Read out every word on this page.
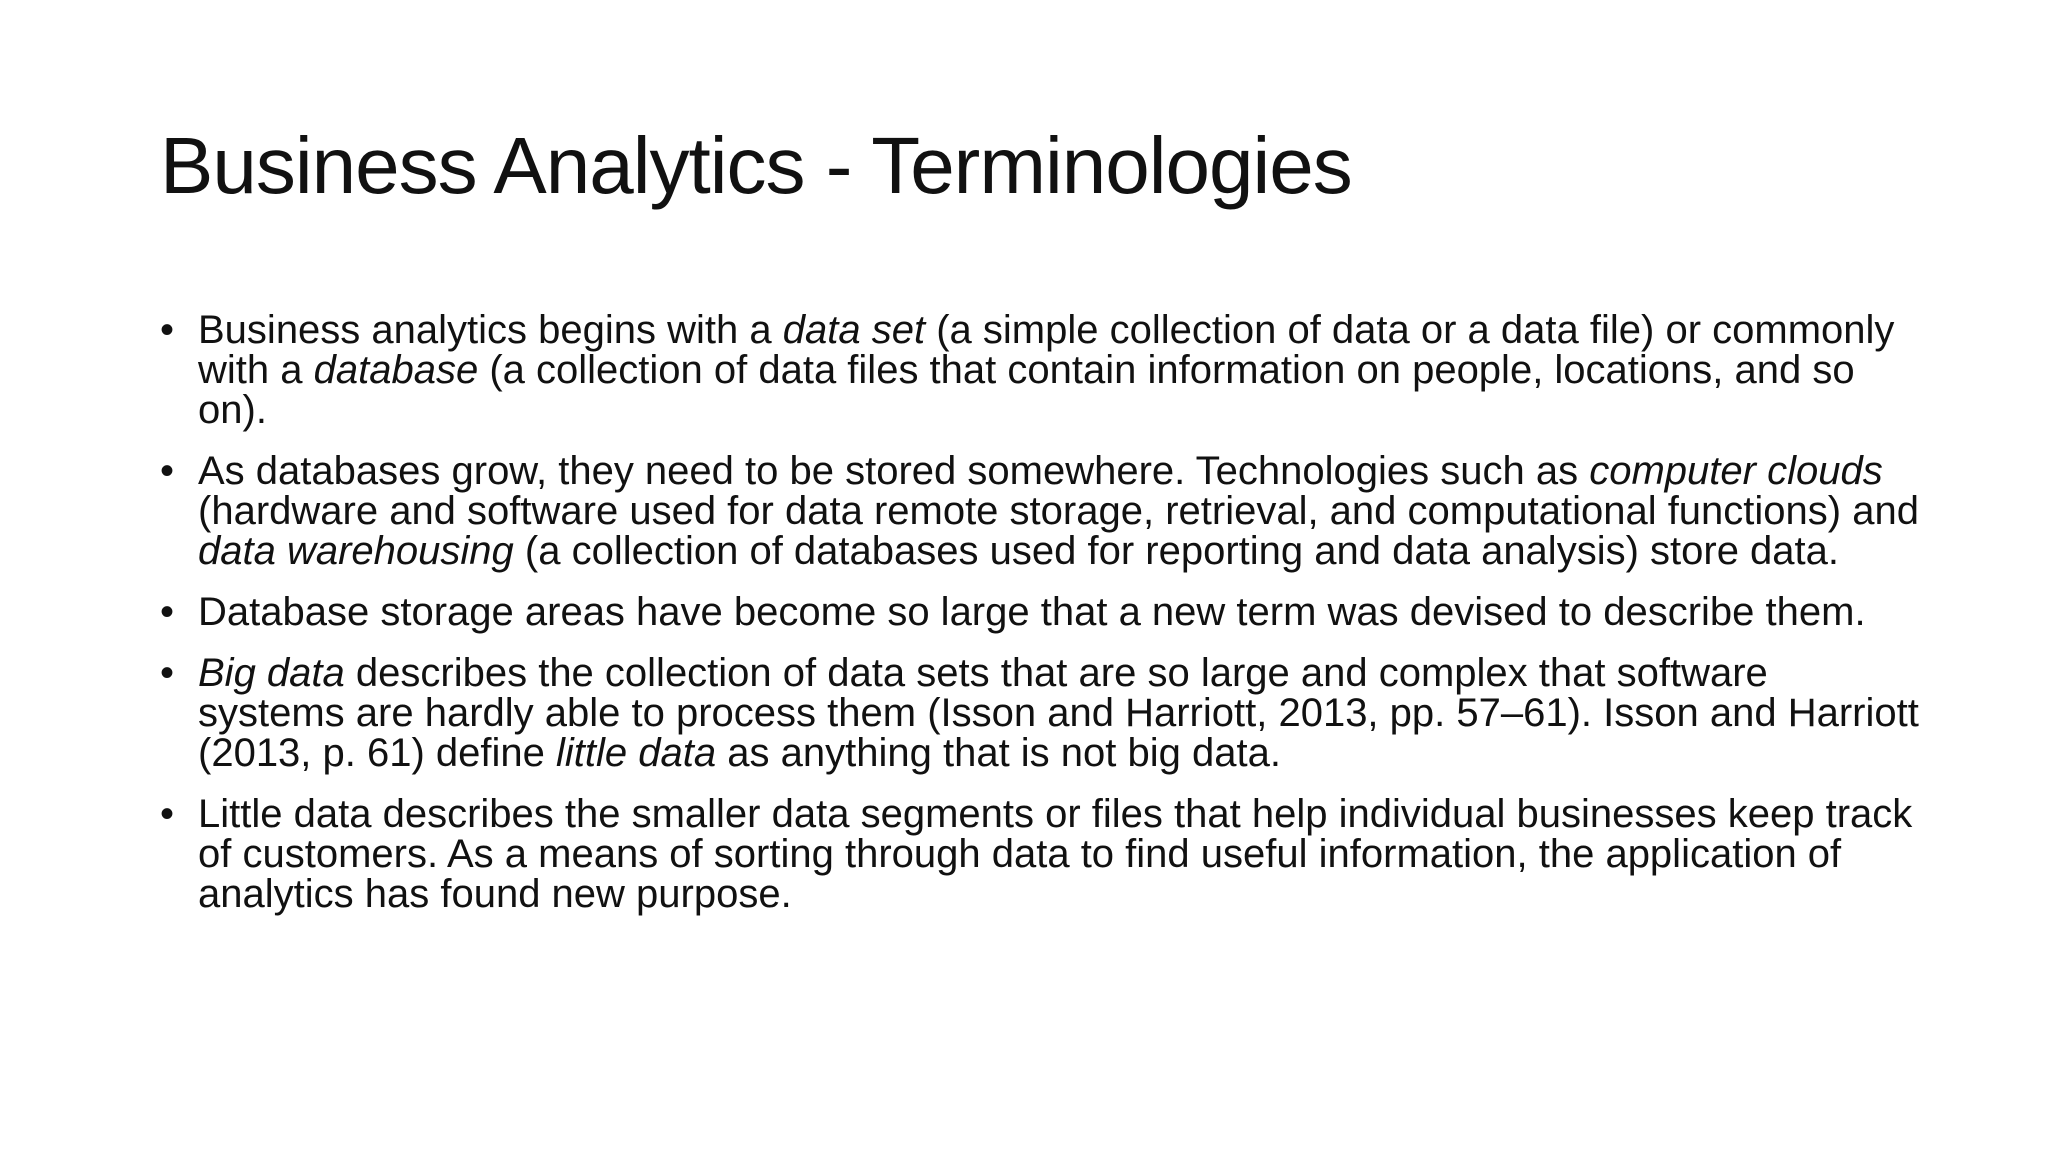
Business Analytics - Terminologies
• Business analytics begins with a data set (a simple collection of data or a data file) or commonly with a database (a collection of data files that contain information on people, locations, and so on).
• As databases grow, they need to be stored somewhere. Technologies such as computer clouds (hardware and software used for data remote storage, retrieval, and computational functions) and data warehousing (a collection of databases used for reporting and data analysis) store data.
• Database storage areas have become so large that a new term was devised to describe them.
• Big data describes the collection of data sets that are so large and complex that software systems are hardly able to process them (Isson and Harriott, 2013, pp. 57–61). Isson and Harriott (2013, p. 61) define little data as anything that is not big data.
• Little data describes the smaller data segments or files that help individual businesses keep track of customers. As a means of sorting through data to find useful information, the application of analytics has found new purpose.
